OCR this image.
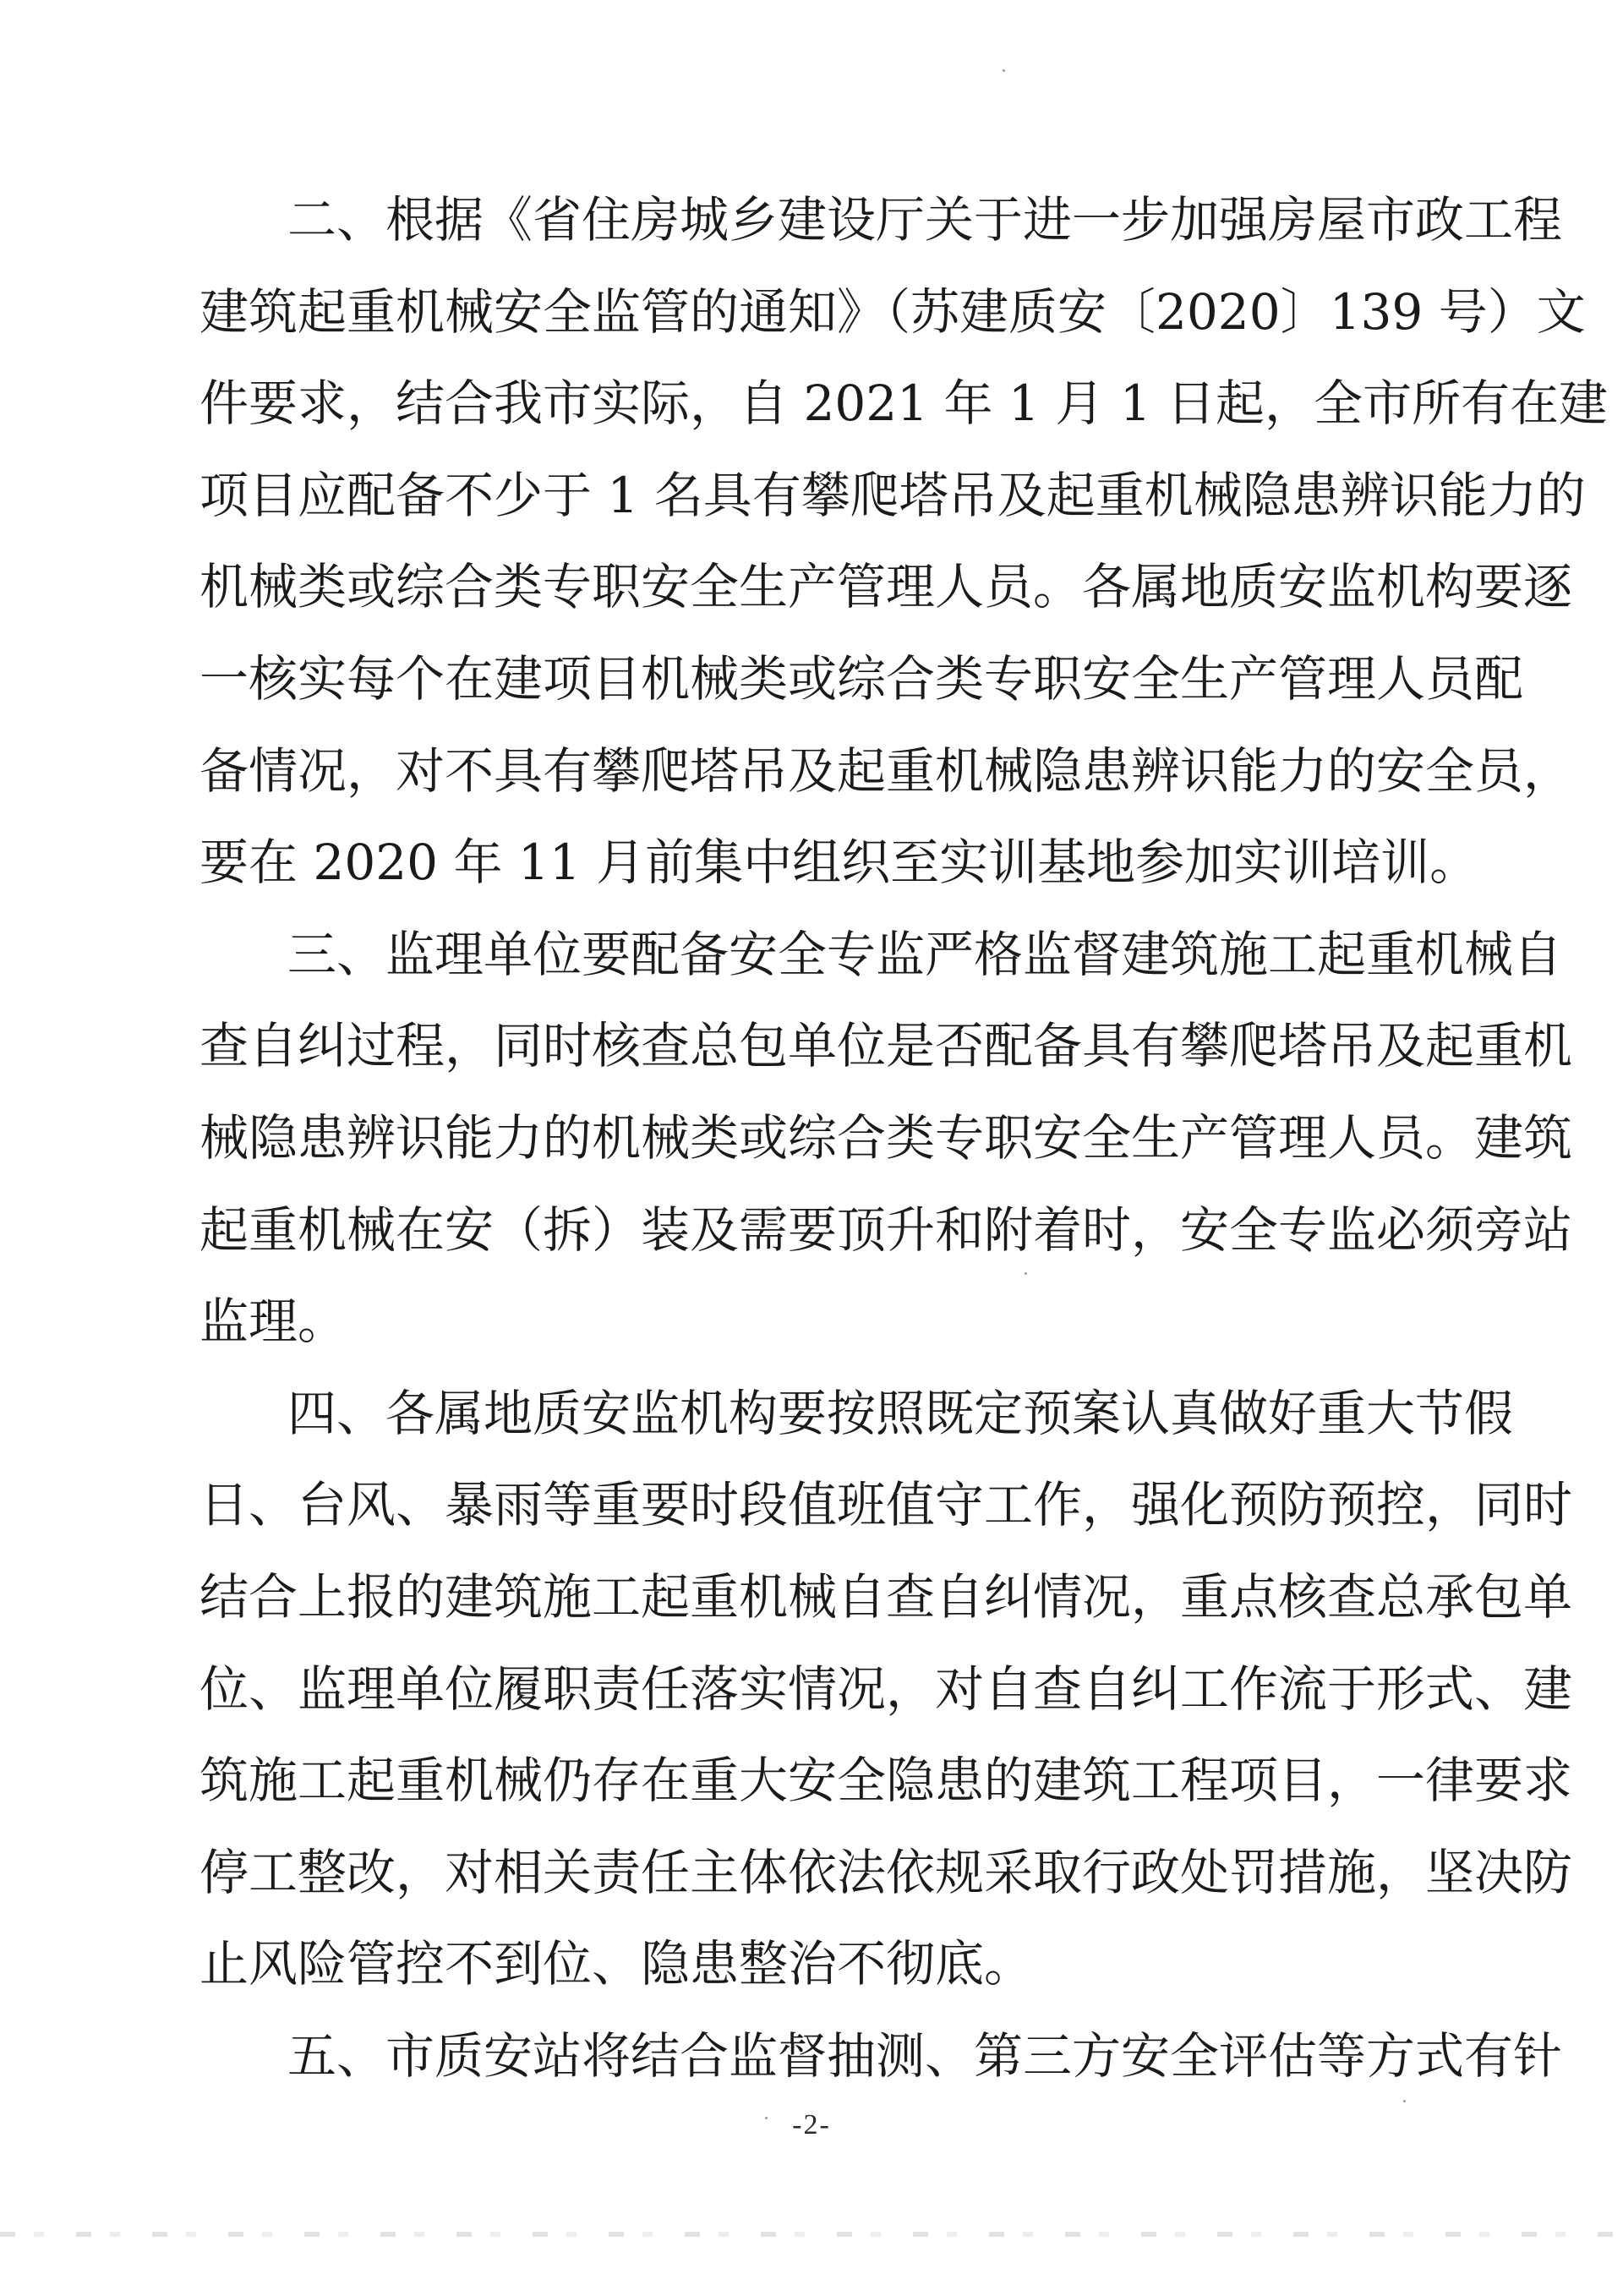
二、根据《省住房城乡建设厅关于进一步加强房屋市政工程
建筑起重机械安全监管的通知》（苏建质安〔2020〕139 号）文
件要求，结合我市实际，自 2021 年 1 月 1 日起，全市所有在建
项目应配备不少于 1 名具有攀爬塔吊及起重机械隐患辨识能力的
机械类或综合类专职安全生产管理人员。各属地质安监机构要逐
一核实每个在建项目机械类或综合类专职安全生产管理人员配
备情况，对不具有攀爬塔吊及起重机械隐患辨识能力的安全员，
要在 2020 年 11 月前集中组织至实训基地参加实训培训。
三、监理单位要配备安全专监严格监督建筑施工起重机械自
查自纠过程，同时核查总包单位是否配备具有攀爬塔吊及起重机
械隐患辨识能力的机械类或综合类专职安全生产管理人员。建筑
起重机械在安（拆）装及需要顶升和附着时，安全专监必须旁站
监理。
四、各属地质安监机构要按照既定预案认真做好重大节假
日、台风、暴雨等重要时段值班值守工作，强化预防预控，同时
结合上报的建筑施工起重机械自查自纠情况，重点核查总承包单
位、监理单位履职责任落实情况，对自查自纠工作流于形式、建
筑施工起重机械仍存在重大安全隐患的建筑工程项目，一律要求
停工整改，对相关责任主体依法依规采取行政处罚措施，坚决防
止风险管控不到位、隐患整治不彻底。
五、市质安站将结合监督抽测、第三方安全评估等方式有针
-2-
